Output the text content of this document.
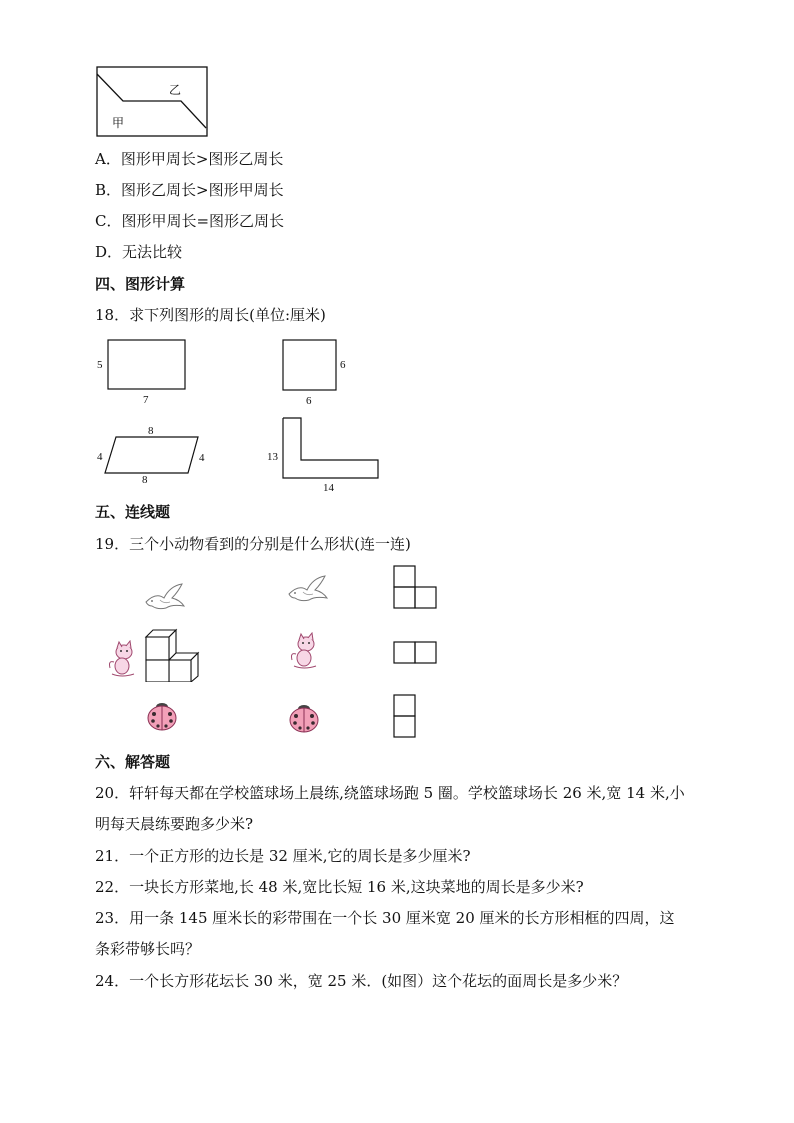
乙
甲
A．图形甲周长>图形乙周长
B．图形乙周长>图形甲周长
C．图形甲周长=图形乙周长
D．无法比较
四、图形计算
18．求下列图形的周长(单位:厘米)
5
7
6
6
8
4	4
8
13
14
五、连线题
19．三个小动物看到的分别是什么形状(连一连)
六、解答题
20．轩轩每天都在学校篮球场上晨练,绕篮球场跑 5 圈。学校篮球场长 26 米,宽 14 米,小
明每天晨练要跑多少米?
21．一个正方形的边长是 32 厘米,它的周长是多少厘米?
22．一块长方形菜地,长 48 米,宽比长短 16 米,这块菜地的周长是多少米?
23．用一条 145 厘米长的彩带围在一个长 30 厘米宽 20 厘米的长方形相框的四周，这
条彩带够长吗？
24．一个长方形花坛长 30 米，宽 25 米．(如图）这个花坛的面周长是多少米？
